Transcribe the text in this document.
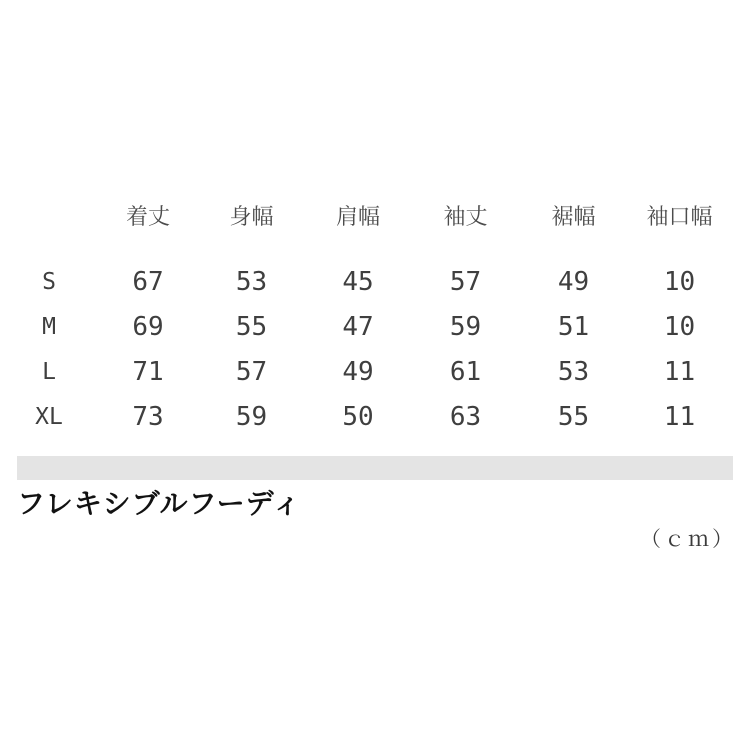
着丈	身幅	肩幅	袖丈	裾幅	袖口幅
S	67	53	45	57	49	10
M	69	55	47	59	51	10
L	71	57	49	61	53	11
XL	73	59	50	63	55	11
フレキシブルフーディ
（ｃｍ）
